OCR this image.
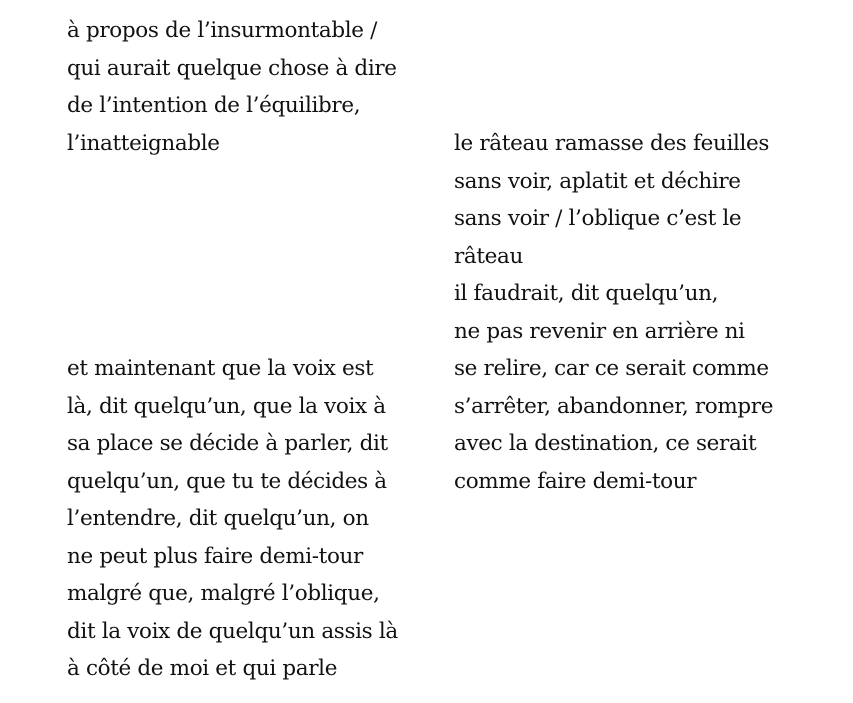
à propos de l’insurmontable /
qui aurait quelque chose à dire
de l’intention de l’équilibre,
l’inatteignable	le râteau ramasse des feuilles
sans voir, aplatit et déchire
sans voir / l’oblique c’est le
râteau
il faudrait, dit quelqu’un,
ne pas revenir en arrière ni
se relire, car ce serait comme
s’arrêter, abandonner, rompre
avec la destination, ce serait
comme faire demi-tour
et maintenant que la voix est
là, dit quelqu’un, que la voix à
sa place se décide à parler, dit
quelqu’un, que tu te décides à
l’entendre, dit quelqu’un, on
ne peut plus faire demi-tour
malgré que, malgré l’oblique,
dit la voix de quelqu’un assis là
à côté de moi et qui parle
